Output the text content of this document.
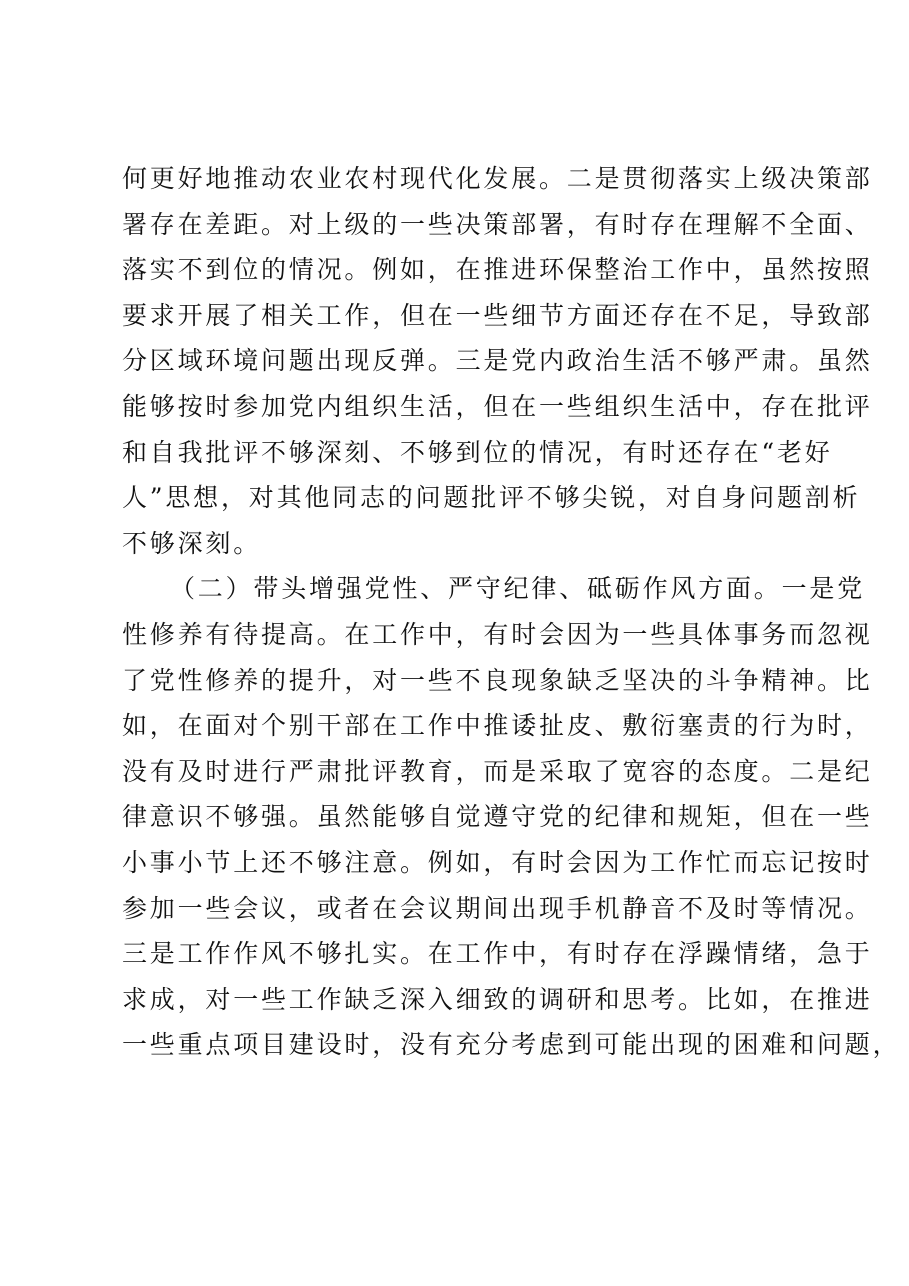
何更好地推动农业农村现代化发展。二是贯彻落实上级决策部
署存在差距。对上级的一些决策部署，有时存在理解不全面、
落实不到位的情况。例如，在推进环保整治工作中，虽然按照
要求开展了相关工作，但在一些细节方面还存在不足，导致部
分区域环境问题出现反弹。三是党内政治生活不够严肃。虽然
能够按时参加党内组织生活，但在一些组织生活中，存在批评
和自我批评不够深刻、不够到位的情况，有时还存在“老好
人”思想，对其他同志的问题批评不够尖锐，对自身问题剖析
不够深刻。
（二）带头增强党性、严守纪律、砥砺作风方面。一是党
性修养有待提高。在工作中，有时会因为一些具体事务而忽视
了党性修养的提升，对一些不良现象缺乏坚决的斗争精神。比
如，在面对个别干部在工作中推诿扯皮、敷衍塞责的行为时，
没有及时进行严肃批评教育，而是采取了宽容的态度。二是纪
律意识不够强。虽然能够自觉遵守党的纪律和规矩，但在一些
小事小节上还不够注意。例如，有时会因为工作忙而忘记按时
参加一些会议，或者在会议期间出现手机静音不及时等情况。
三是工作作风不够扎实。在工作中，有时存在浮躁情绪，急于
求成，对一些工作缺乏深入细致的调研和思考。比如，在推进
一些重点项目建设时，没有充分考虑到可能出现的困难和问题，
